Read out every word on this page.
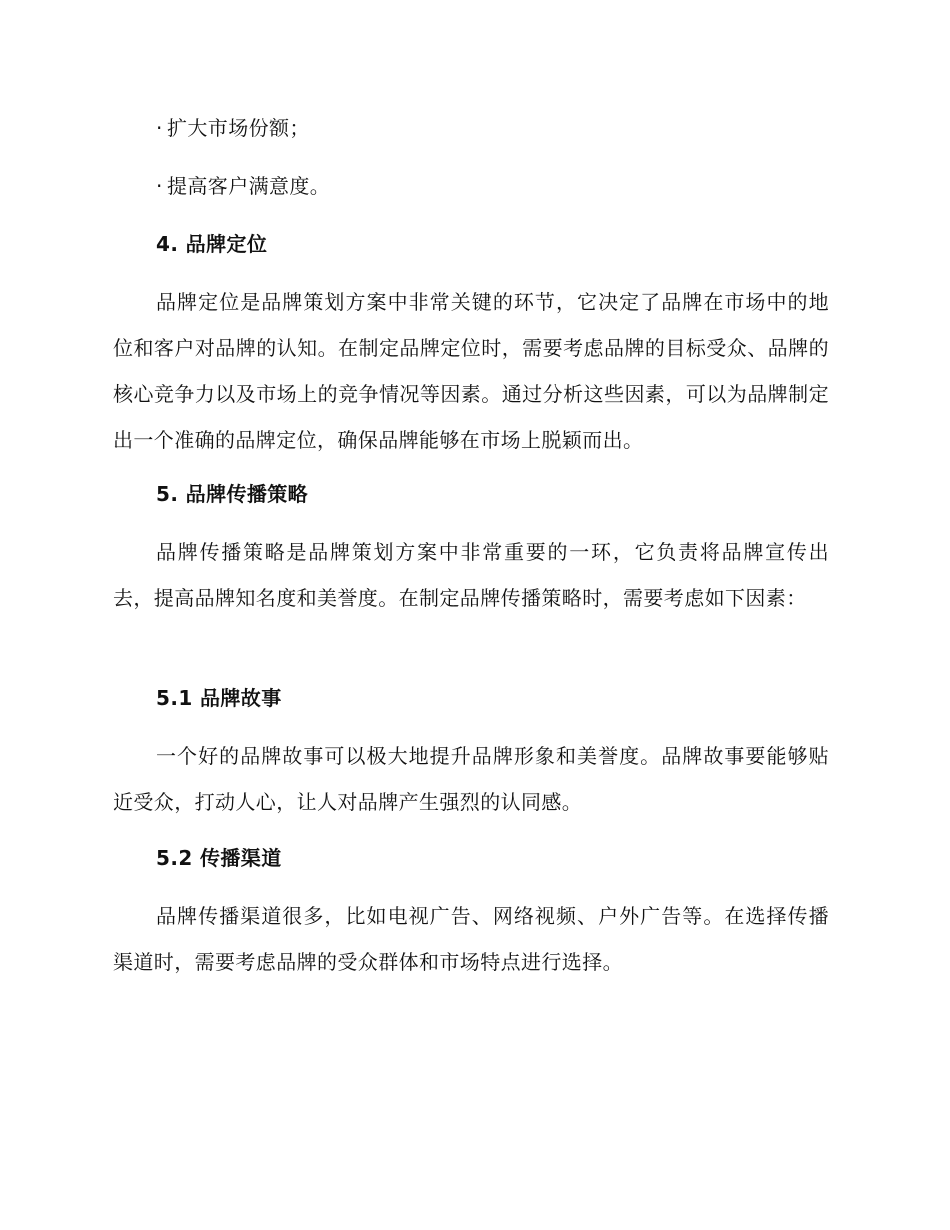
· 扩大市场份额；

· 提高客户满意度。

4. 品牌定位

品牌定位是品牌策划方案中非常关键的环节，它决定了品牌在市场中的地位和客户对品牌的认知。在制定品牌定位时，需要考虑品牌的目标受众、品牌的核心竞争力以及市场上的竞争情况等因素。通过分析这些因素，可以为品牌制定出一个准确的品牌定位，确保品牌能够在市场上脱颖而出。

5. 品牌传播策略

品牌传播策略是品牌策划方案中非常重要的一环，它负责将品牌宣传出去，提高品牌知名度和美誉度。在制定品牌传播策略时，需要考虑如下因素：

5.1 品牌故事

一个好的品牌故事可以极大地提升品牌形象和美誉度。品牌故事要能够贴近受众，打动人心，让人对品牌产生强烈的认同感。

5.2 传播渠道

品牌传播渠道很多，比如电视广告、网络视频、户外广告等。在选择传播渠道时，需要考虑品牌的受众群体和市场特点进行选择。
